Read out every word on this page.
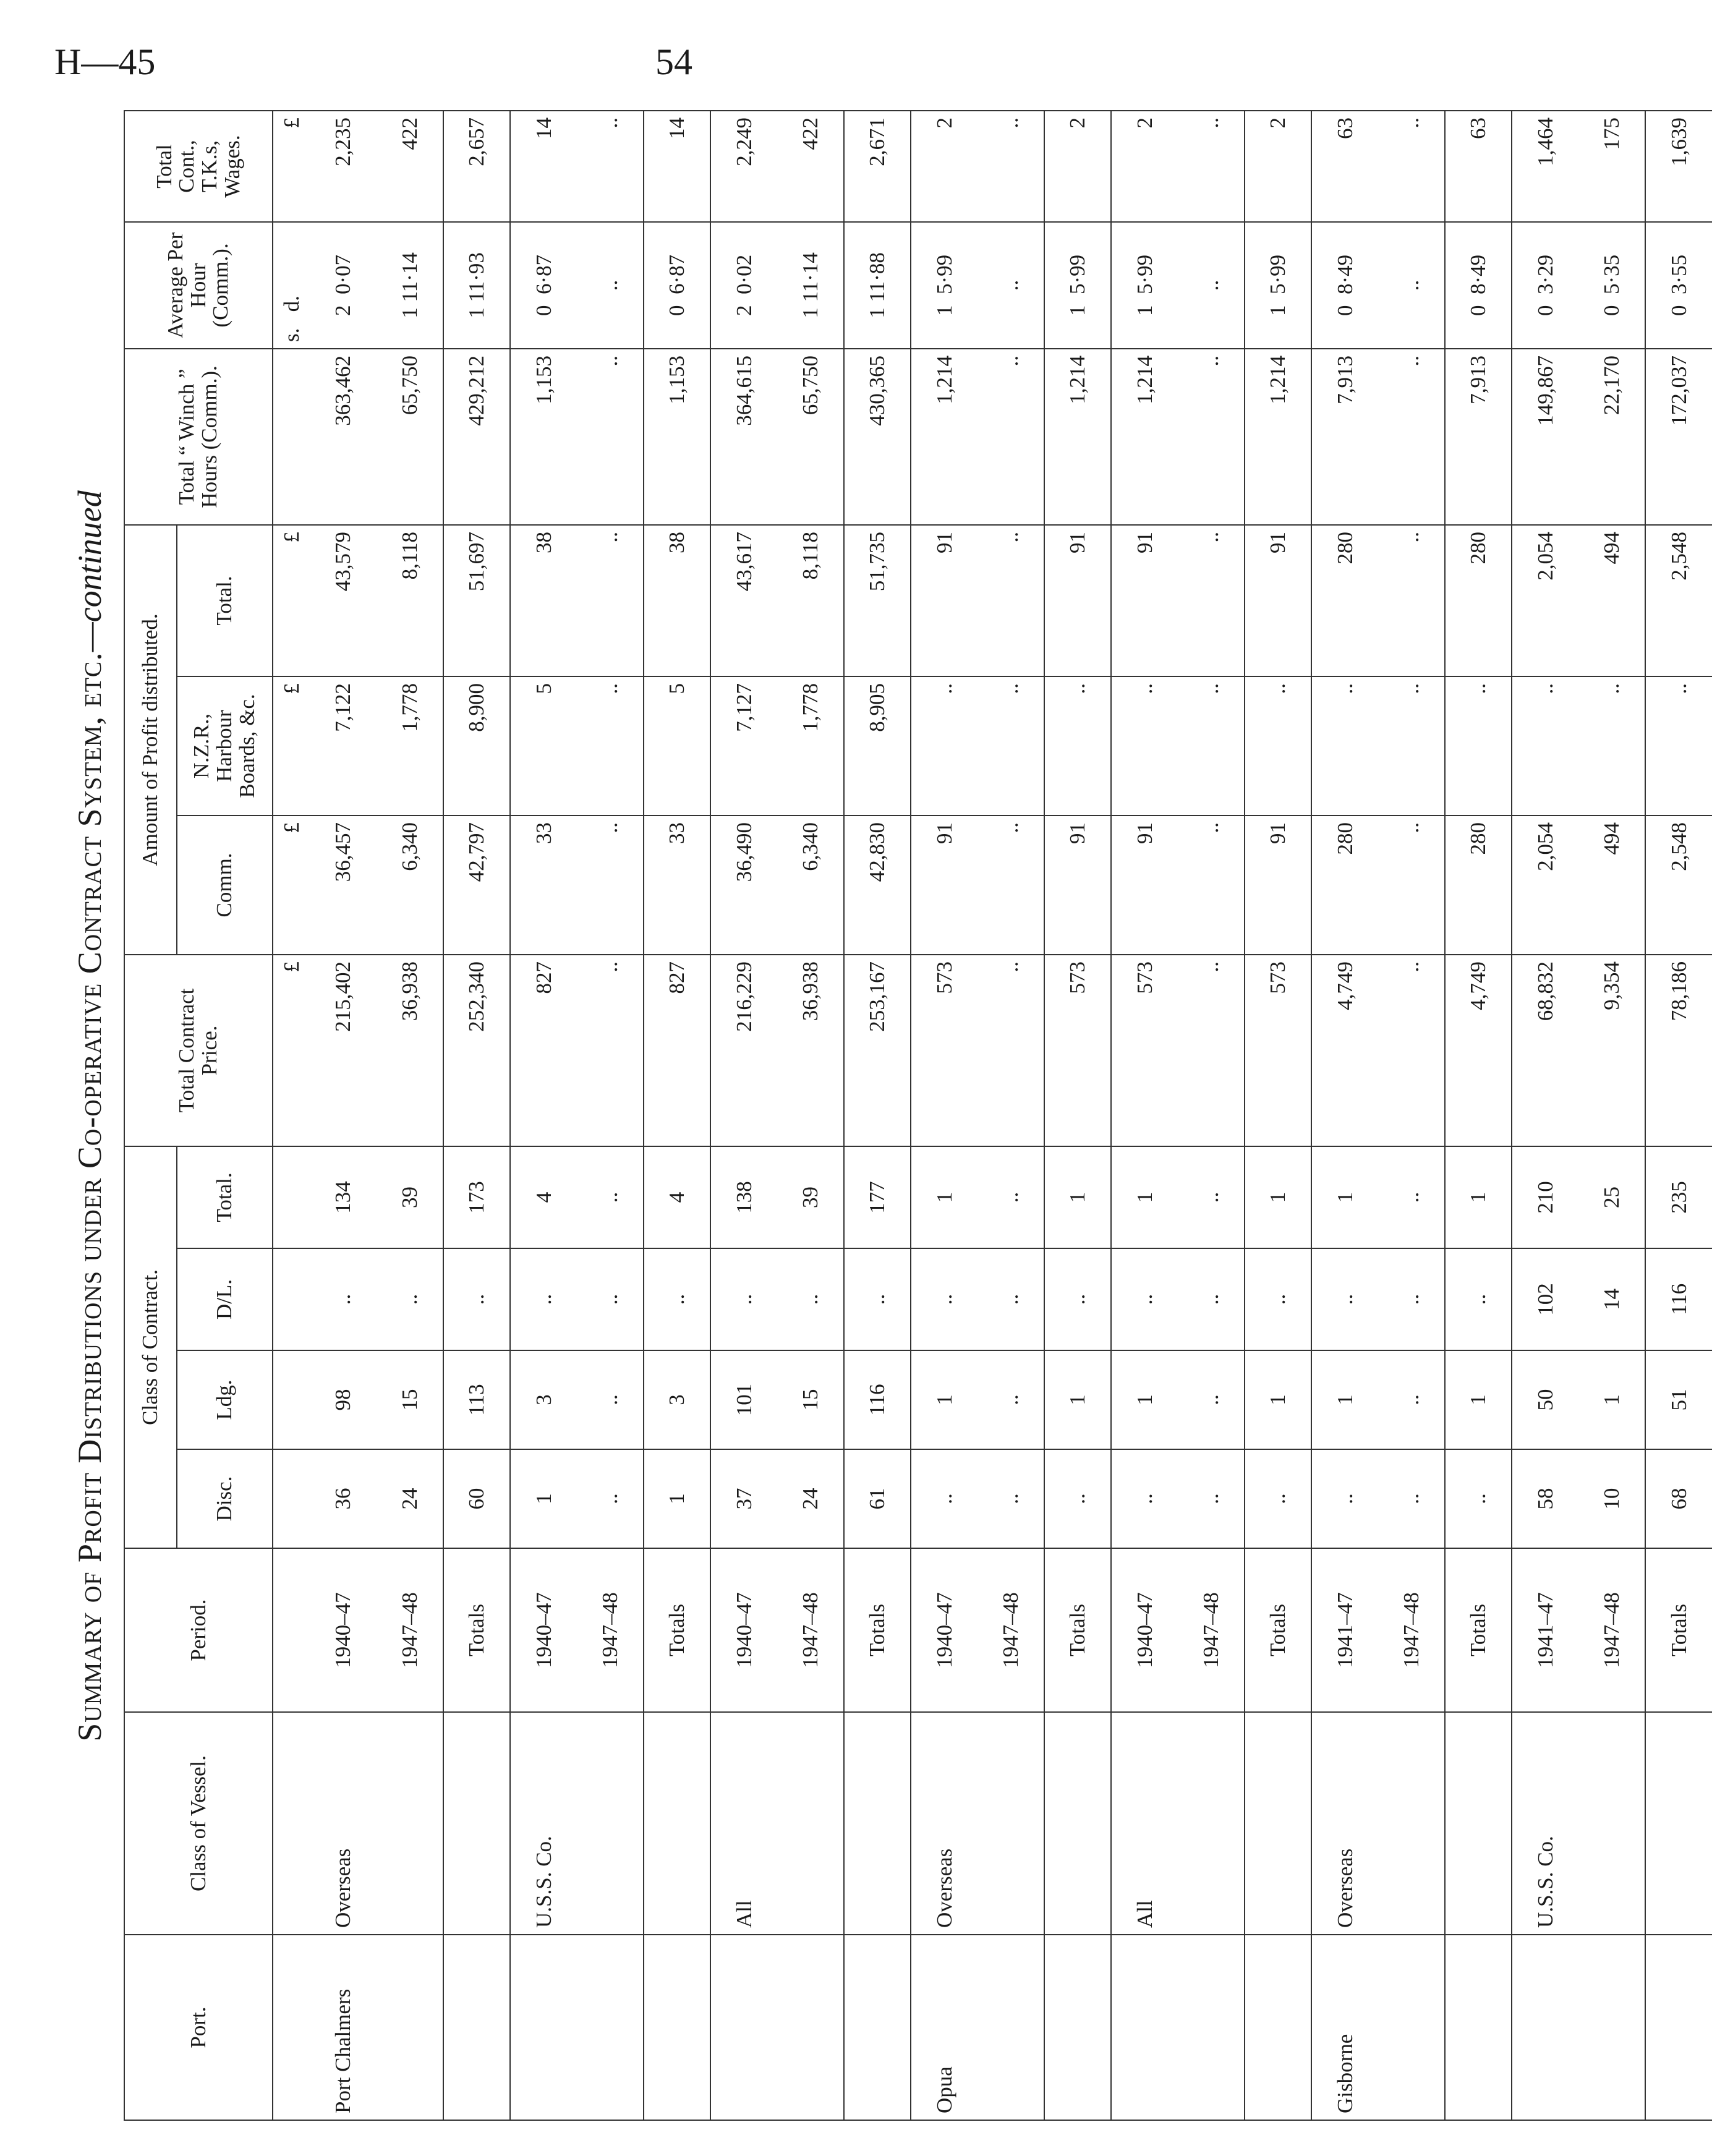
H—45	54
Summary of Profit Distributions under Co-operative Contract System, etc.—continued
Port.	Class of Vessel.	Period.	Class of Contract.				Total Contract Price.	Amount of Profit distributed.			Total “ Winch ” Hours (Comm.).	Average Per Hour (Comm.).	Total Cont., T.K.s, Wages.
			Disc.	Ldg.	D/L.	Total.		Comm.	N.Z.R., Harbour Boards, &c.	Total.			
							£	£	£	£		s.   d.	£
Port Chalmers	Overseas	1940–47	36	98	..	134	215,402	36,457	7,122	43,579	363,462	2  0·07	2,235
		1947–48	24	15	..	39	36,938	6,340	1,778	8,118	65,750	1 11·14	422
		Totals	60	113	..	173	252,340	42,797	8,900	51,697	429,212	1 11·93	2,657
	U.S.S. Co.	1940–47	1	3	..	4	827	33	5	38	1,153	0  6·87	14
		1947–48	..	..	..	..	..	..	..	..	..	..	..
		Totals	1	3	..	4	827	33	5	38	1,153	0  6·87	14
	All	1940–47	37	101	..	138	216,229	36,490	7,127	43,617	364,615	2  0·02	2,249
		1947–48	24	15	..	39	36,938	6,340	1,778	8,118	65,750	1 11·14	422
		Totals	61	116	..	177	253,167	42,830	8,905	51,735	430,365	1 11·88	2,671
Opua	Overseas	1940–47	..	1	..	1	573	91	..	91	1,214	1  5·99	2
		1947–48	..	..	..	..	..	..	..	..	..	..	..
		Totals	..	1	..	1	573	91	..	91	1,214	1  5·99	2
	All	1940–47	..	1	..	1	573	91	..	91	1,214	1  5·99	2
		1947–48	..	..	..	..	..	..	..	..	..	..	..
		Totals	..	1	..	1	573	91	..	91	1,214	1  5·99	2
Gisborne	Overseas	1941–47	..	1	..	1	4,749	280	..	280	7,913	0  8·49	63
		1947–48	..	..	..	..	..	..	..	..	..	..	..
		Totals	..	1	..	1	4,749	280	..	280	7,913	0  8·49	63
	U.S.S. Co.	1941–47	58	50	102	210	68,832	2,054	..	2,054	149,867	0  3·29	1,464
		1947–48	10	1	14	25	9,354	494	..	494	22,170	0  5·35	175
		Totals	68	51	116	235	78,186	2,548	..	2,548	172,037	0  3·55	1,639
